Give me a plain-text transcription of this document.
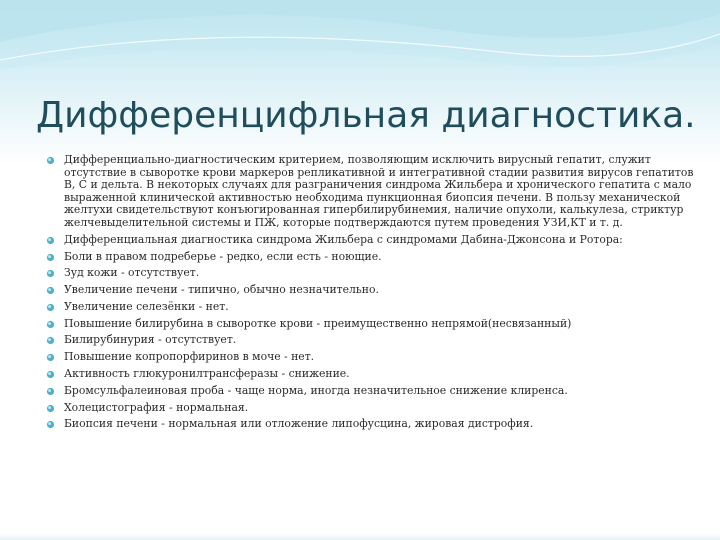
Дифференцифльная диагностика.
Дифференциально-диагностическим критерием, позволяющим исключить вирусный гепатит, служит отсутствие в сыворотке крови маркеров репликативной и интегративной стадии развития вирусов гепатитов В, С и дельта. В некоторых случаях для разграничения синдрома Жильбера и хронического гепатита с мало выраженной клинической активностью необходима пункционная биопсия печени. В пользу механической желтухи свидетельствуют конъюгированная гипербилирубинемия, наличие опухоли, калькулеза, стриктур желчевыделительной системы и ПЖ, которые подтверждаются путем проведения УЗИ,КТ и т. д.
Дифференциальная диагностика синдрома Жильбера с синдромами Дабина-Джонсона и Ротора:
Боли в правом подреберье - редко, если есть - ноющие.
Зуд кожи - отсутствует.
Увеличение печени - типично, обычно незначительно.
Увеличение селезёнки - нет.
Повышение билирубина в сыворотке крови - преимущественно непрямой(несвязанный)
Билирубинурия - отсутствует.
Повышение копропорфиринов в моче - нет.
Активность глюкуронилтрансферазы - снижение.
Бромсульфалеиновая проба - чаще норма, иногда незначительное снижение клиренса.
Холецистография - нормальная.
Биопсия печени - нормальная или отложение липофусцина, жировая дистрофия.
